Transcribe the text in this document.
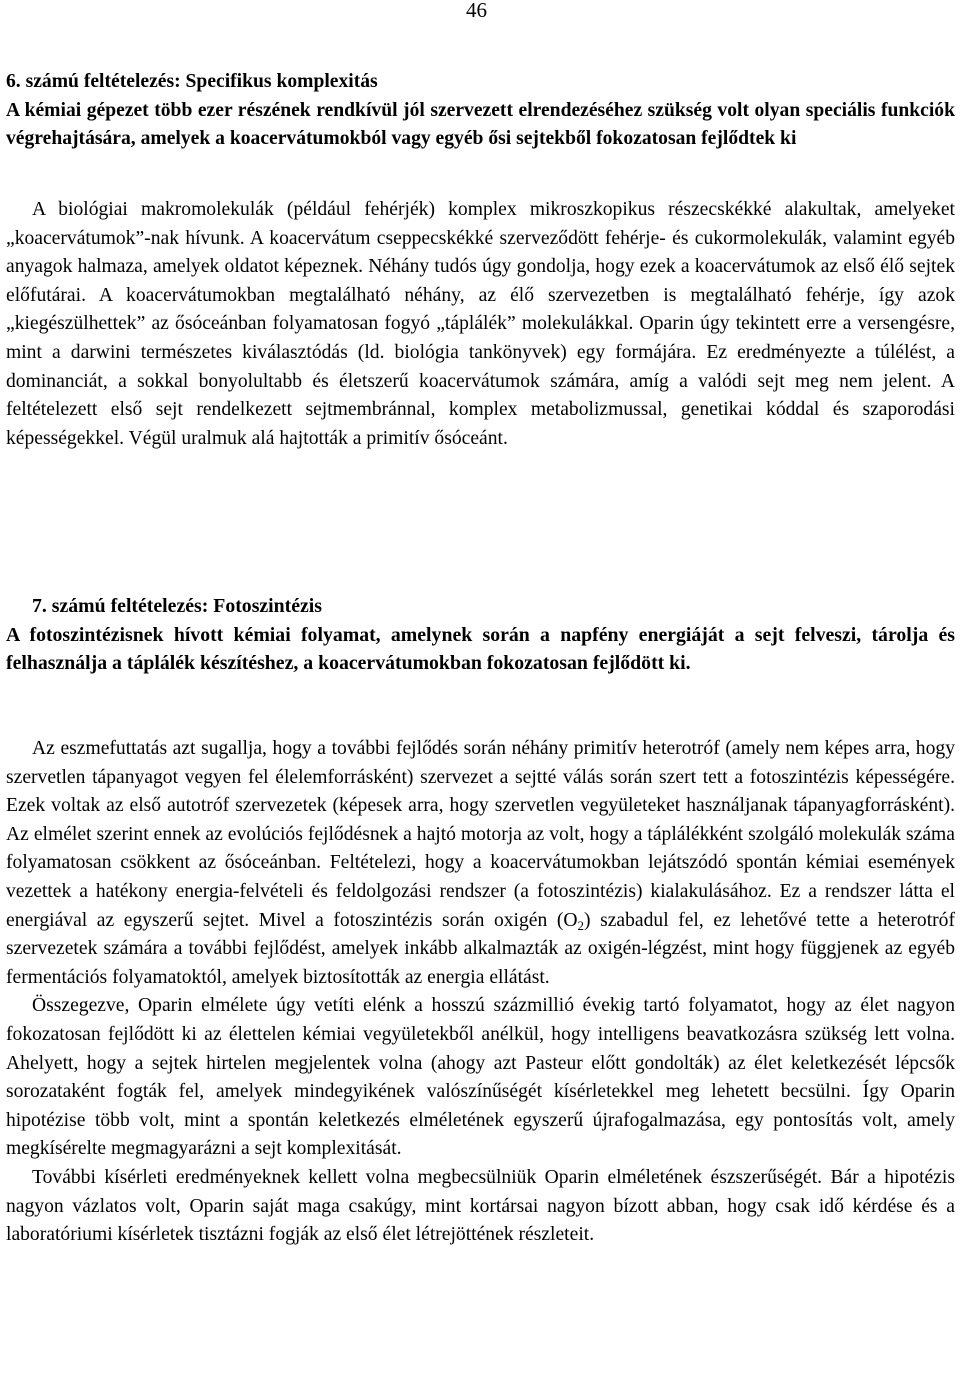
46

6. számú feltételezés: Specifikus komplexitás

A kémiai gépezet több ezer részének rendkívül jól szervezett elrendezéséhez szükség volt olyan speciális funkciók végrehajtására, amelyek a koacervátumokból vagy egyéb ősi sejtekből fokozatosan fejlődtek ki

A biológiai makromolekulák (például fehérjék) komplex mikroszkopikus részecskékké alakultak, amelyeket „koacervátumok”-nak hívunk. A koacervátum cseppecskékké szerveződött fehérje- és cukormolekulák, valamint egyéb anyagok halmaza, amelyek oldatot képeznek. Néhány tudós úgy gondolja, hogy ezek a koacervátumok az első élő sejtek előfutárai. A koacervátumokban megtalálható néhány, az élő szervezetben is megtalálható fehérje, így azok „kiegészülhettek” az ősóceánban folyamatosan fogyó „táplálék” molekulákkal. Oparin úgy tekintett erre a versengésre, mint a darwini természetes kiválasztódás (ld. biológia tankönyvek) egy formájára. Ez eredményezte a túlélést, a dominanciát, a sokkal bonyolultabb és életszerű koacervátumok számára, amíg a valódi sejt meg nem jelent. A feltételezett első sejt rendelkezett sejtmembránnal, komplex metabolizmussal, genetikai kóddal és szaporodási képességekkel. Végül uralmuk alá hajtották a primitív ősóceánt.

7. számú feltételezés: Fotoszintézis

A fotoszintézisnek hívott kémiai folyamat, amelynek során a napfény energiáját a sejt felveszi, tárolja és felhasználja a táplálék készítéshez, a koacervátumokban fokozatosan fejlődött ki.

Az eszmefuttatás azt sugallja, hogy a további fejlődés során néhány primitív heterotróf (amely nem képes arra, hogy szervetlen tápanyagot vegyen fel élelemforrásként) szervezet a sejtté válás során szert tett a fotoszintézis képességére. Ezek voltak az első autotróf szervezetek (képesek arra, hogy szervetlen vegyületeket használjanak tápanyagforrásként). Az elmélet szerint ennek az evolúciós fejlődésnek a hajtó motorja az volt, hogy a táplálékként szolgáló molekulák száma folyamatosan csökkent az ősóceánban. Feltételezi, hogy a koacervátumokban lejátszódó spontán kémiai események vezettek a hatékony energia-felvételi és feldolgozási rendszer (a fotoszintézis) kialakulásához. Ez a rendszer látta el energiával az egyszerű sejtet. Mivel a fotoszintézis során oxigén $(O_2)$ szabadul fel, ez lehetővé tette a heterotróf szervezetek számára a további fejlődést, amelyek inkább alkalmazták az oxigén-légzést, mint hogy függjenek az egyéb fermentációs folyamatoktól, amelyek biztosították az energia ellátást.

Összegezve, Oparin elmélete úgy vetíti elénk a hosszú százmillió évekig tartó folyamatot, hogy az élet nagyon fokozatosan fejlődött ki az élettelen kémiai vegyületekből anélkül, hogy intelligens beavatkozásra szükség lett volna. Ahelyett, hogy a sejtek hirtelen megjelentek volna (ahogy azt Pasteur előtt gondolták) az élet keletkezését lépcsők sorozataként fogták fel, amelyek mindegyikének valószínűségét kísérletekkel meg lehetett becsülni. Így Oparin hipotézise több volt, mint a spontán keletkezés elméletének egyszerű újrafogalmazása, egy pontosítás volt, amely megkísérelte megmagyarázni a sejt komplexitását.

További kísérleti eredményeknek kellett volna megbecsülniük Oparin elméletének észszerűségét. Bár a hipotézis nagyon vázlatos volt, Oparin saját maga csakúgy, mint kortársai nagyon bízott abban, hogy csak idő kérdése és a laboratóriumi kísérletek tisztázni fogják az első élet létrejöttének részleteit.
